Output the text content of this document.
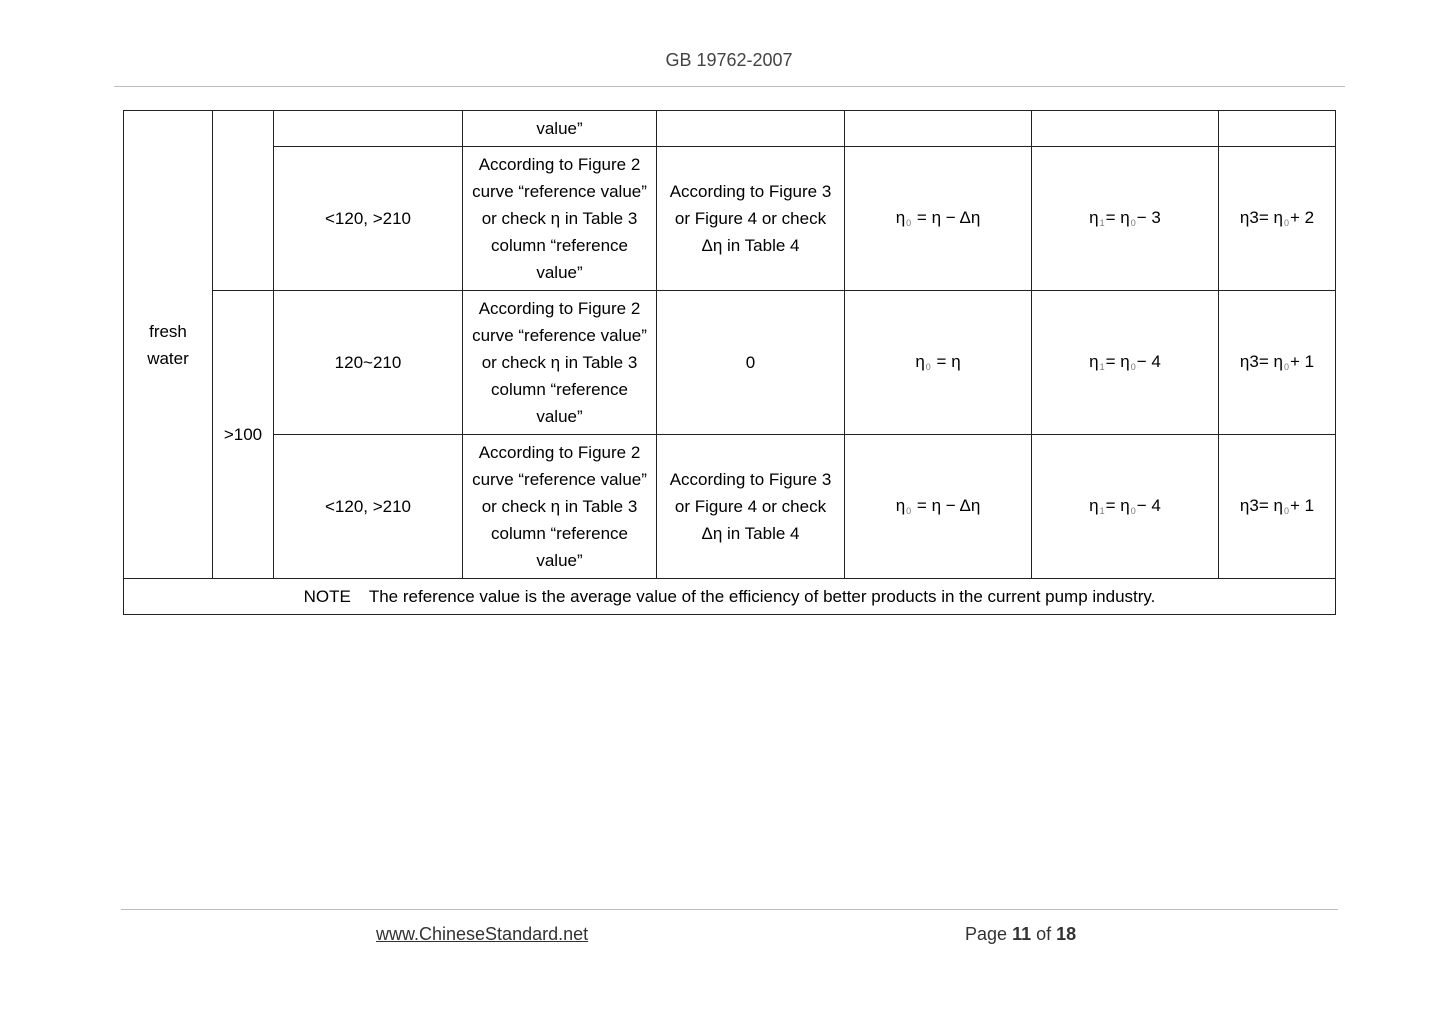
GB 19762-2007
fresh
water			value”				
		<120, >210	According to Figure 2
curve “reference value”
or check η in Table 3
column “reference
value”	According to Figure 3
or Figure 4 or check
Δη in Table 4	η0 = η − Δη	η1= η0− 3	η3= η0+ 2
	>100	120~210	According to Figure 2
curve “reference value”
or check η in Table 3
column “reference
value”	0	η0 = η	η1= η0− 4	η3= η0+ 1
		<120, >210	According to Figure 2
curve “reference value”
or check η in Table 3
column “reference
value”	According to Figure 3
or Figure 4 or check
Δη in Table 4	η0 = η − Δη	η1= η0− 4	η3= η0+ 1
NOTE The reference value is the average value of the efficiency of better products in the current pump industry.							
www.ChineseStandard.net	Page 11 of 18
